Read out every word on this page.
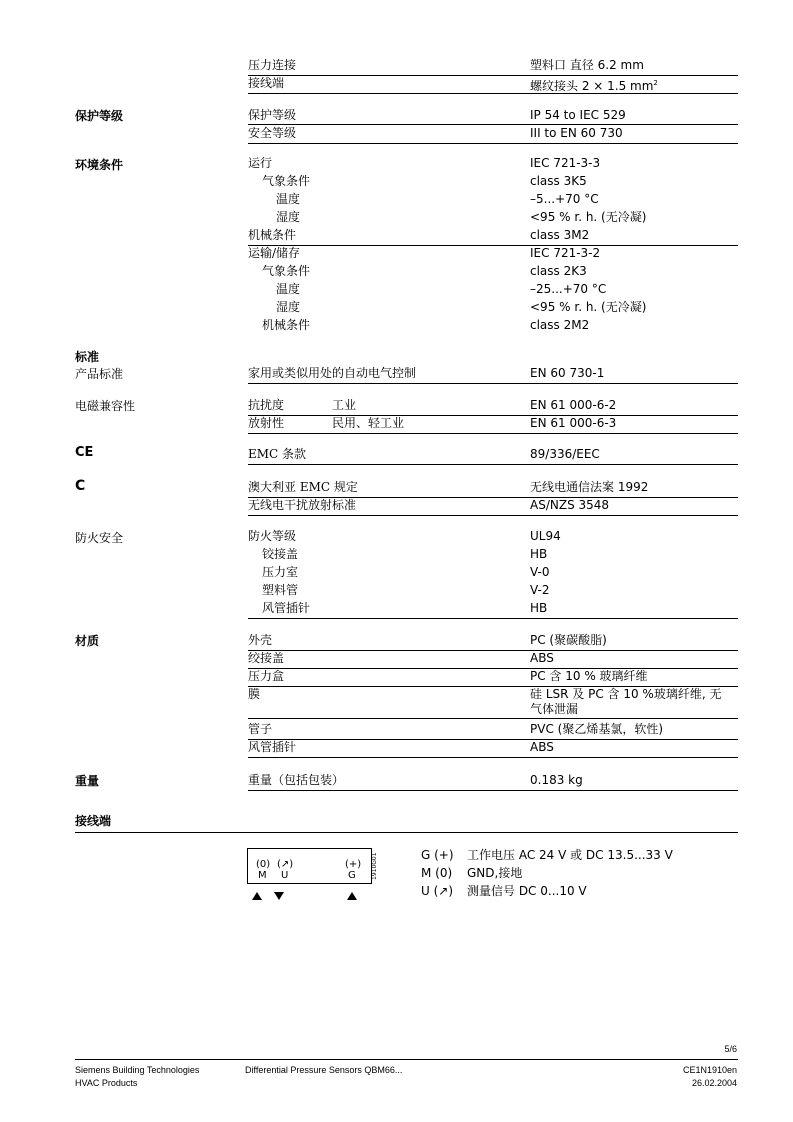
压力连接	塑料口 直径 6.2 mm
接线端	螺纹接头 2 × 1.5 $mm^2$
保护等级	保护等级	IP 54 to IEC 529
安全等级	III to EN 60 730
环境条件	运行	IEC 721-3-3
气象条件	class 3K5
温度	–5...+70 °C
湿度	<95 % r. h. (无冷凝)
机械条件	class 3M2
运输/储存	IEC 721-3-2
气象条件	class 2K3
温度	–25...+70 °C
湿度	<95 % r. h. (无冷凝)
机械条件	class 2M2
标准
产品标准	家用或类似用处的自动电气控制	EN 60 730-1
电磁兼容性	抗扰度	工业	EN 61 000-6-2
放射性	民用、轻工业	EN 61 000-6-3
CE	EMC 条款	89/336/EEC
C	澳大利亚 EMC 规定	无线电通信法案 1992
无线电干扰放射标准	AS/NZS 3548
防火安全	防火等级	UL94
铰接盖	HB
压力室	V-0
塑料管	V-2
风管插针	HB
材质	外壳	PC (聚碳酸脂)
绞接盖	ABS
压力盒	PC 含 10 % 玻璃纤维
膜	硅 LSR 及 PC 含 10 %玻璃纤维, 无
气体泄漏
管子	PVC (聚乙烯基氯，软性)
风管插针	ABS
重量	重量（包括包装）	0.183 kg
接线端
(0)
M
(↗)
U
(+)
G	1910G01	G (+) 工作电压 AC 24 V 或 DC 13.5...33 V
M (0) GND,接地
U (↗) 测量信号 DC 0...10 V
5/6
Siemens Building Technologies
HVAC Products
Differential Pressure Sensors QBM66...	CE1N1910en
26.02.2004
